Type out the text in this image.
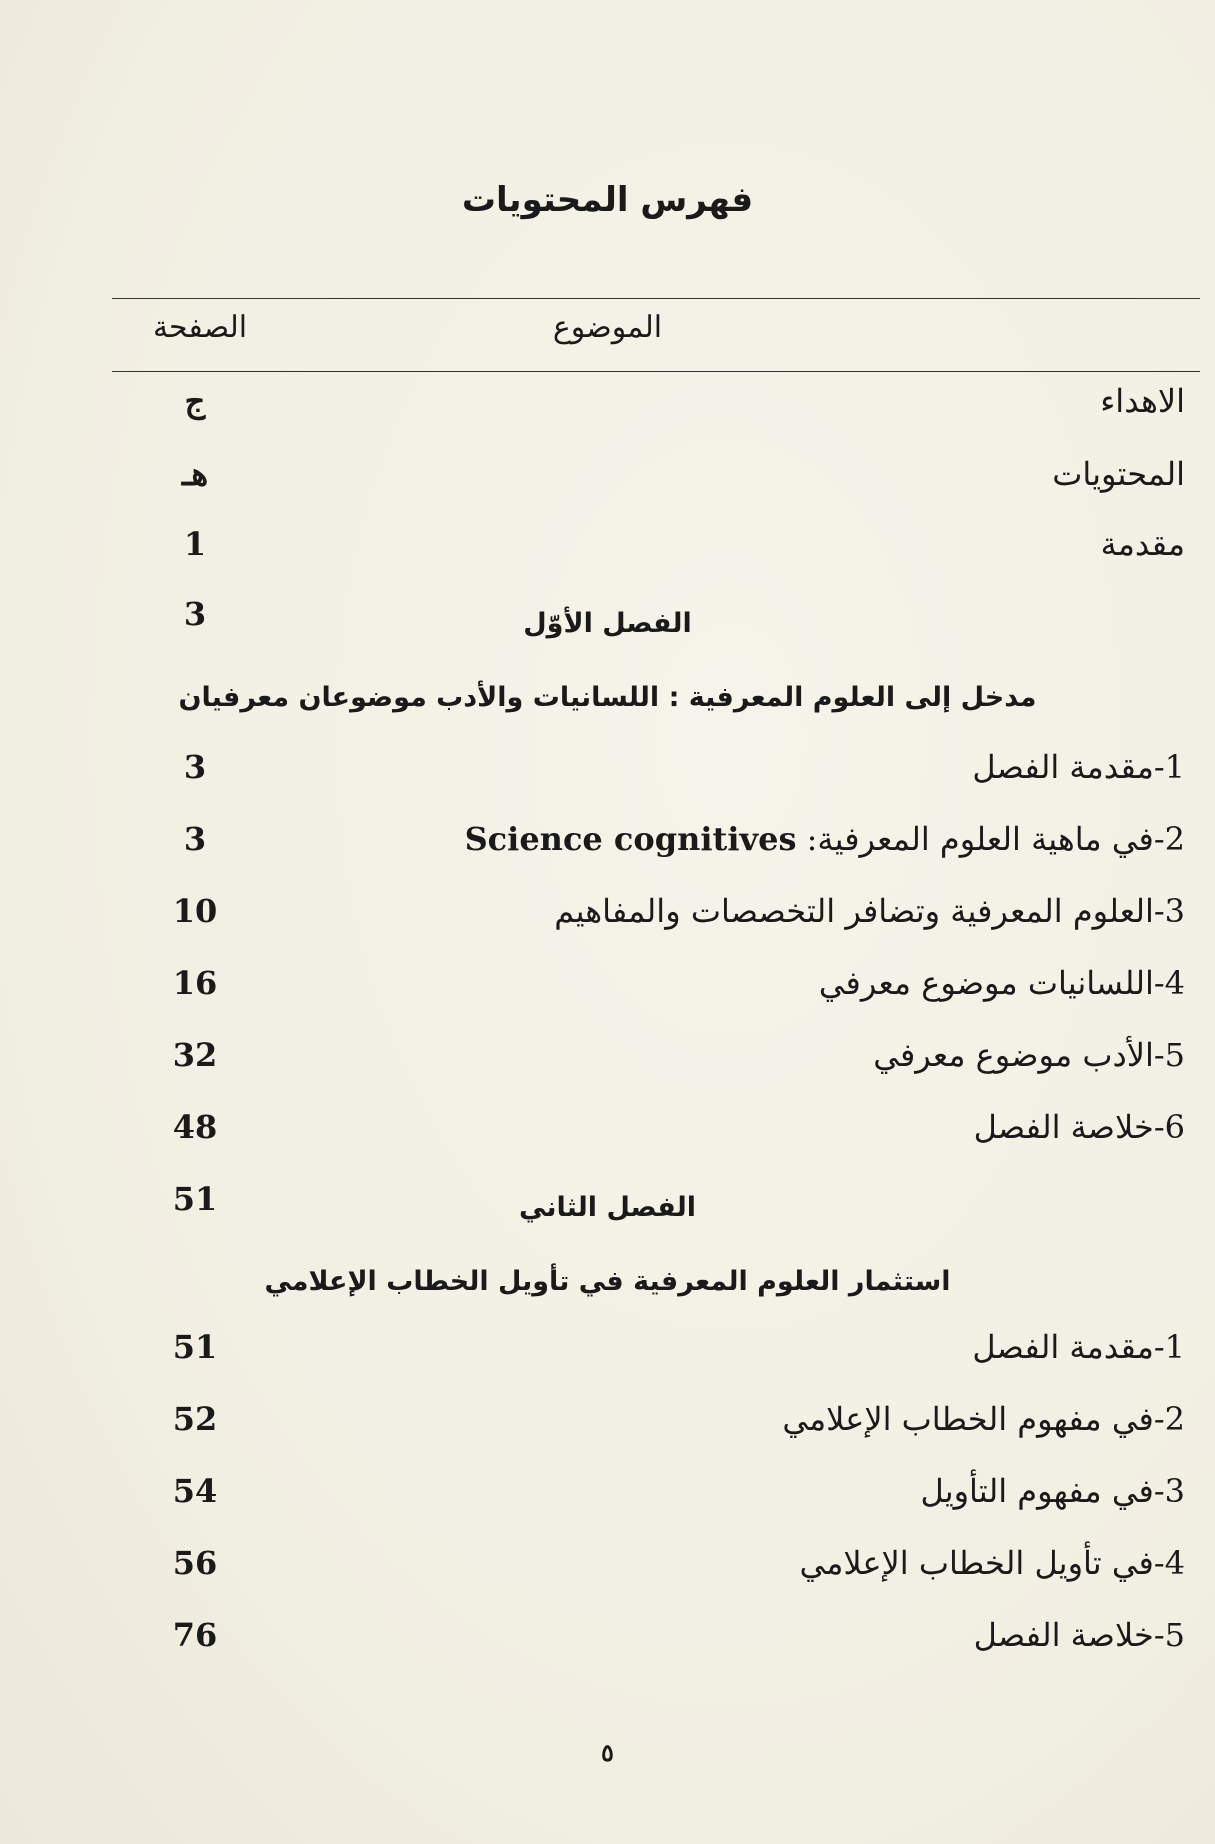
فهرس المحتويات
الموضوع
الصفحة
الاهداء
ج
المحتويات
هـ
مقدمة
1
الفصل الأوّل
3
مدخل إلى العلوم المعرفية : اللسانيات والأدب موضوعان معرفيان
1-مقدمة الفصل
3
2-في ماهية العلوم المعرفية: Science cognitives
3
3-العلوم المعرفية وتضافر التخصصات والمفاهيم
10
4-اللسانيات موضوع معرفي
16
5-الأدب موضوع معرفي
32
6-خلاصة الفصل
48
51	الفصل الثاني
استثمار العلوم المعرفية في تأويل الخطاب الإعلامي
1-مقدمة الفصل
51
2-في مفهوم الخطاب الإعلامي
52
3-في مفهوم التأويل
54
4-في تأويل الخطاب الإعلامي
56
5-خلاصة الفصل
76
٥
